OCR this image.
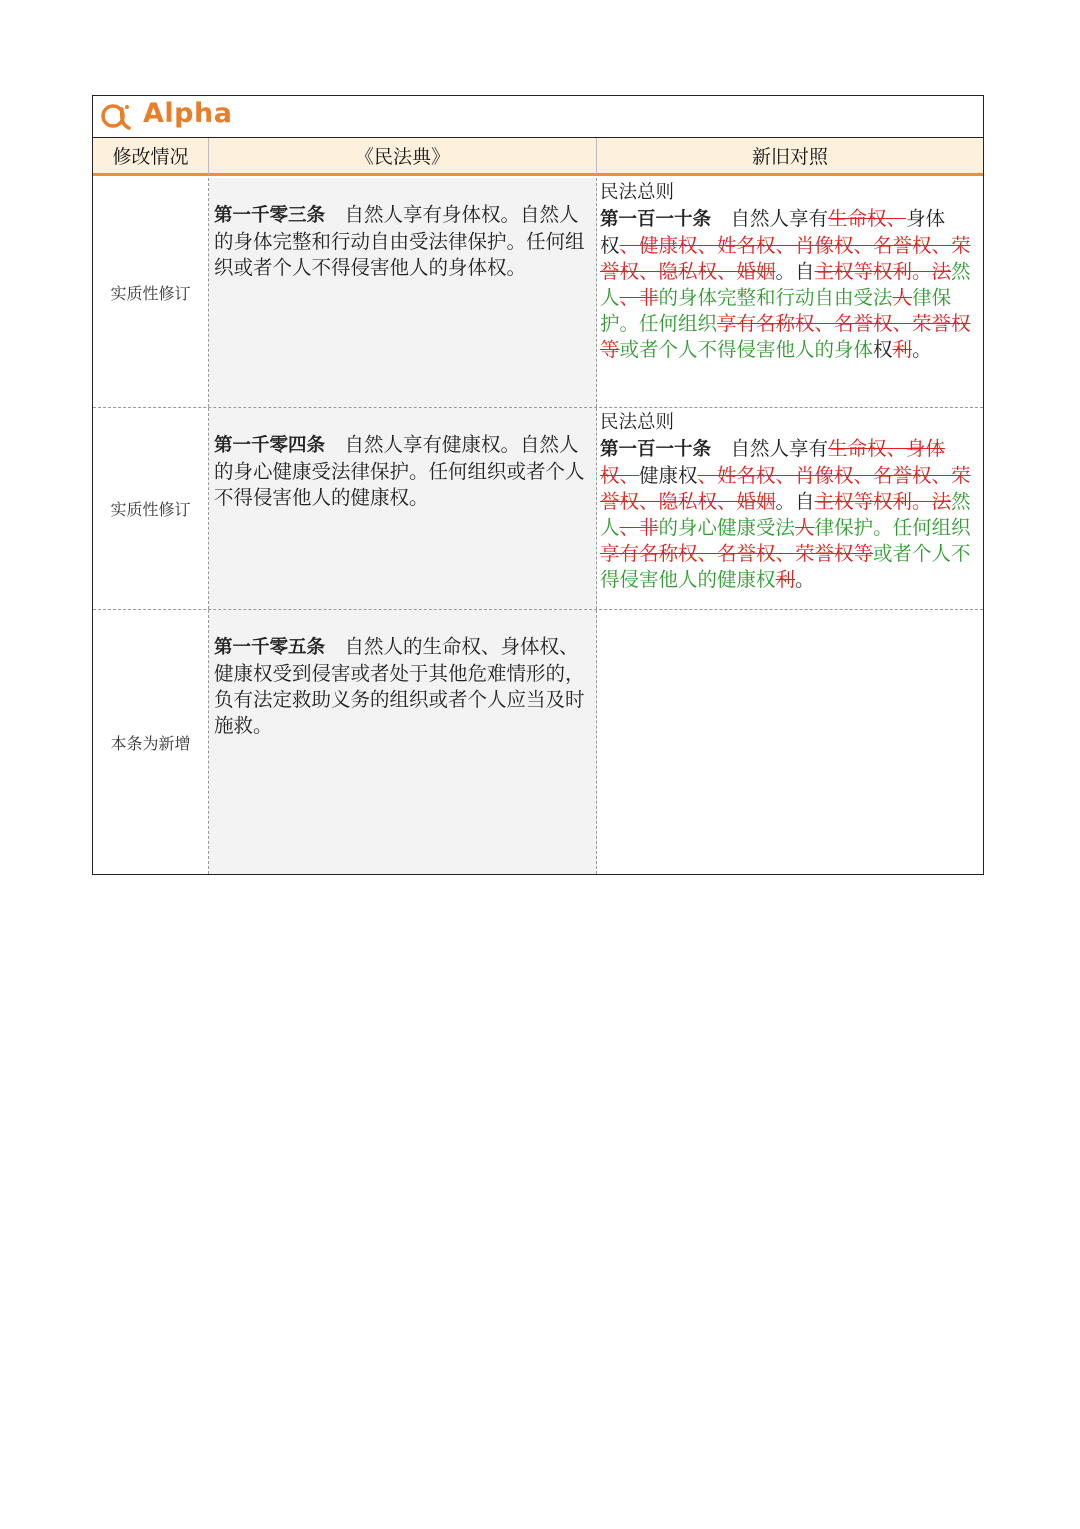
Alpha
修改情况	《民法典》	新旧对照
实质性修订
第一千零三条　 自然人享有身体权。自然人的身体完整和行动自由受法律保护。任何组织或者个人不得侵害他人的身体权。
民法总则
第一百一十条　 自然人享有生命权、身体权、健康权、姓名权、肖像权、名誉权、荣誉权、隐私权、婚姻。自主权等权利。法然人、非的身体完整和行动自由受法人律保护。任何组织享有名称权、名誉权、荣誉权等或者个人不得侵害他人的身体权利。
实质性修订
第一千零四条　 自然人享有健康权。自然人的身心健康受法律保护。任何组织或者个人不得侵害他人的健康权。
民法总则
第一百一十条　 自然人享有生命权、身体权、健康权、姓名权、肖像权、名誉权、荣誉权、隐私权、婚姻。自主权等权利。法然人、非的身心健康受法人律保护。任何组织享有名称权、名誉权、荣誉权等或者个人不得侵害他人的健康权利。
本条为新增
第一千零五条　 自然人的生命权、身体权、健康权受到侵害或者处于其他危难情形的，负有法定救助义务的组织或者个人应当及时施救。
